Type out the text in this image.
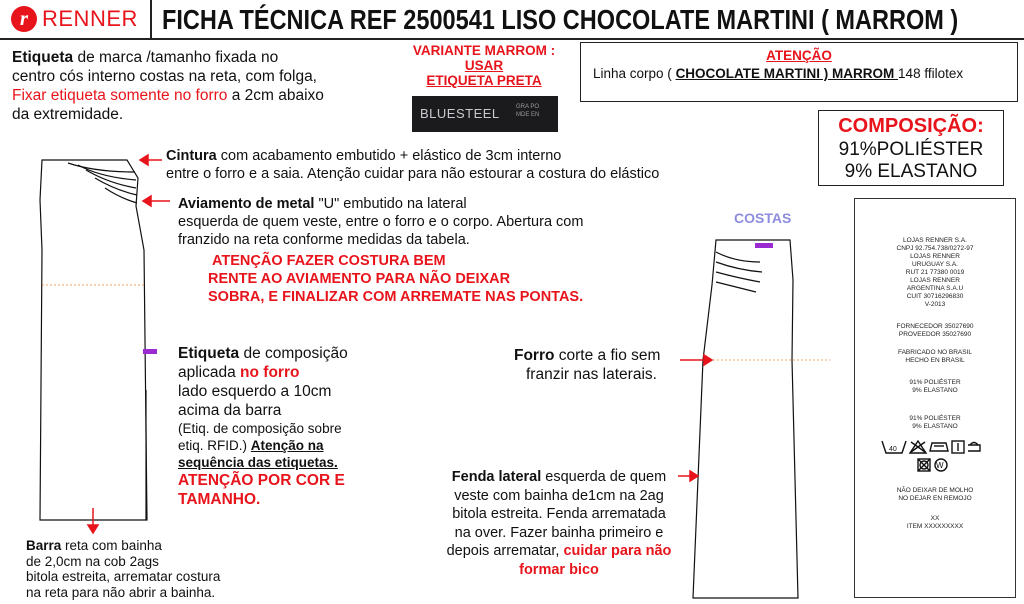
r RENNER FICHA TÉCNICA REF 2500541 LISO CHOCOLATE MARTINI ( MARROM )
Etiqueta de marca /tamanho fixada no
centro cós interno costas na reta, com folga,
Fixar etiqueta somente no forro a 2cm abaixo
da extremidade.
VARIANTE MARROM :
USAR
ETIQUETA PRETA
BLUESTEEL	GRA PO
MDE EN
ATENÇÃO
Linha corpo ( CHOCOLATE MARTINI ) MARROM 148 ffilotex
COMPOSIÇÃO:
91%POLIÉSTER
9% ELASTANO
Cintura com acabamento embutido + elástico de 3cm interno
entre o forro e a saia. Atenção cuidar para não estourar a costura do elástico
Aviamento de metal "U" embutido na lateral
esquerda de quem veste, entre o forro e o corpo. Abertura com
franzido na reta conforme medidas da tabela.
ATENÇÃO FAZER COSTURA BEM
RENTE AO AVIAMENTO PARA NÃO DEIXAR
SOBRA, E FINALIZAR COM ARREMATE NAS PONTAS.
Etiqueta de composição
aplicada no forro
lado esquerdo a 10cm
acima da barra
(Etiq. de composição sobre
etiq. RFID.) Atenção na
sequência das etiquetas.
ATENÇÃO POR COR E
TAMANHO.
Barra reta com bainha
de 2,0cm na cob 2ags
bitola estreita, arrematar costura
na reta para não abrir a bainha.
COSTAS
Forro corte a fio sem
franzir nas laterais.
Fenda lateral esquerda de quem
veste com bainha de1cm na 2ag
bitola estreita. Fenda arrematada
na over. Fazer bainha primeiro e
depois arrematar, cuidar para não
formar bico
LOJAS RENNER S.A.
CNPJ 92.754.738/0272-97
LOJAS RENNER
URUGUAY S.A.
RUT 21 77380 0019
LOJAS RENNER
ARGENTINA S.A.U
CUIT 30716296830
V-2013
FORNECEDOR 35027690
PROVEEDOR 35027690
FABRICADO NO BRASIL
HECHO EN BRASIL
91% POLIÉSTER
9% ELASTANO
91% POLIÉSTER
9% ELASTANO
40
W
NÃO DEIXAR DE MOLHO
NO DEJAR EN REMOJO
XX
ITEM XXXXXXXXX
